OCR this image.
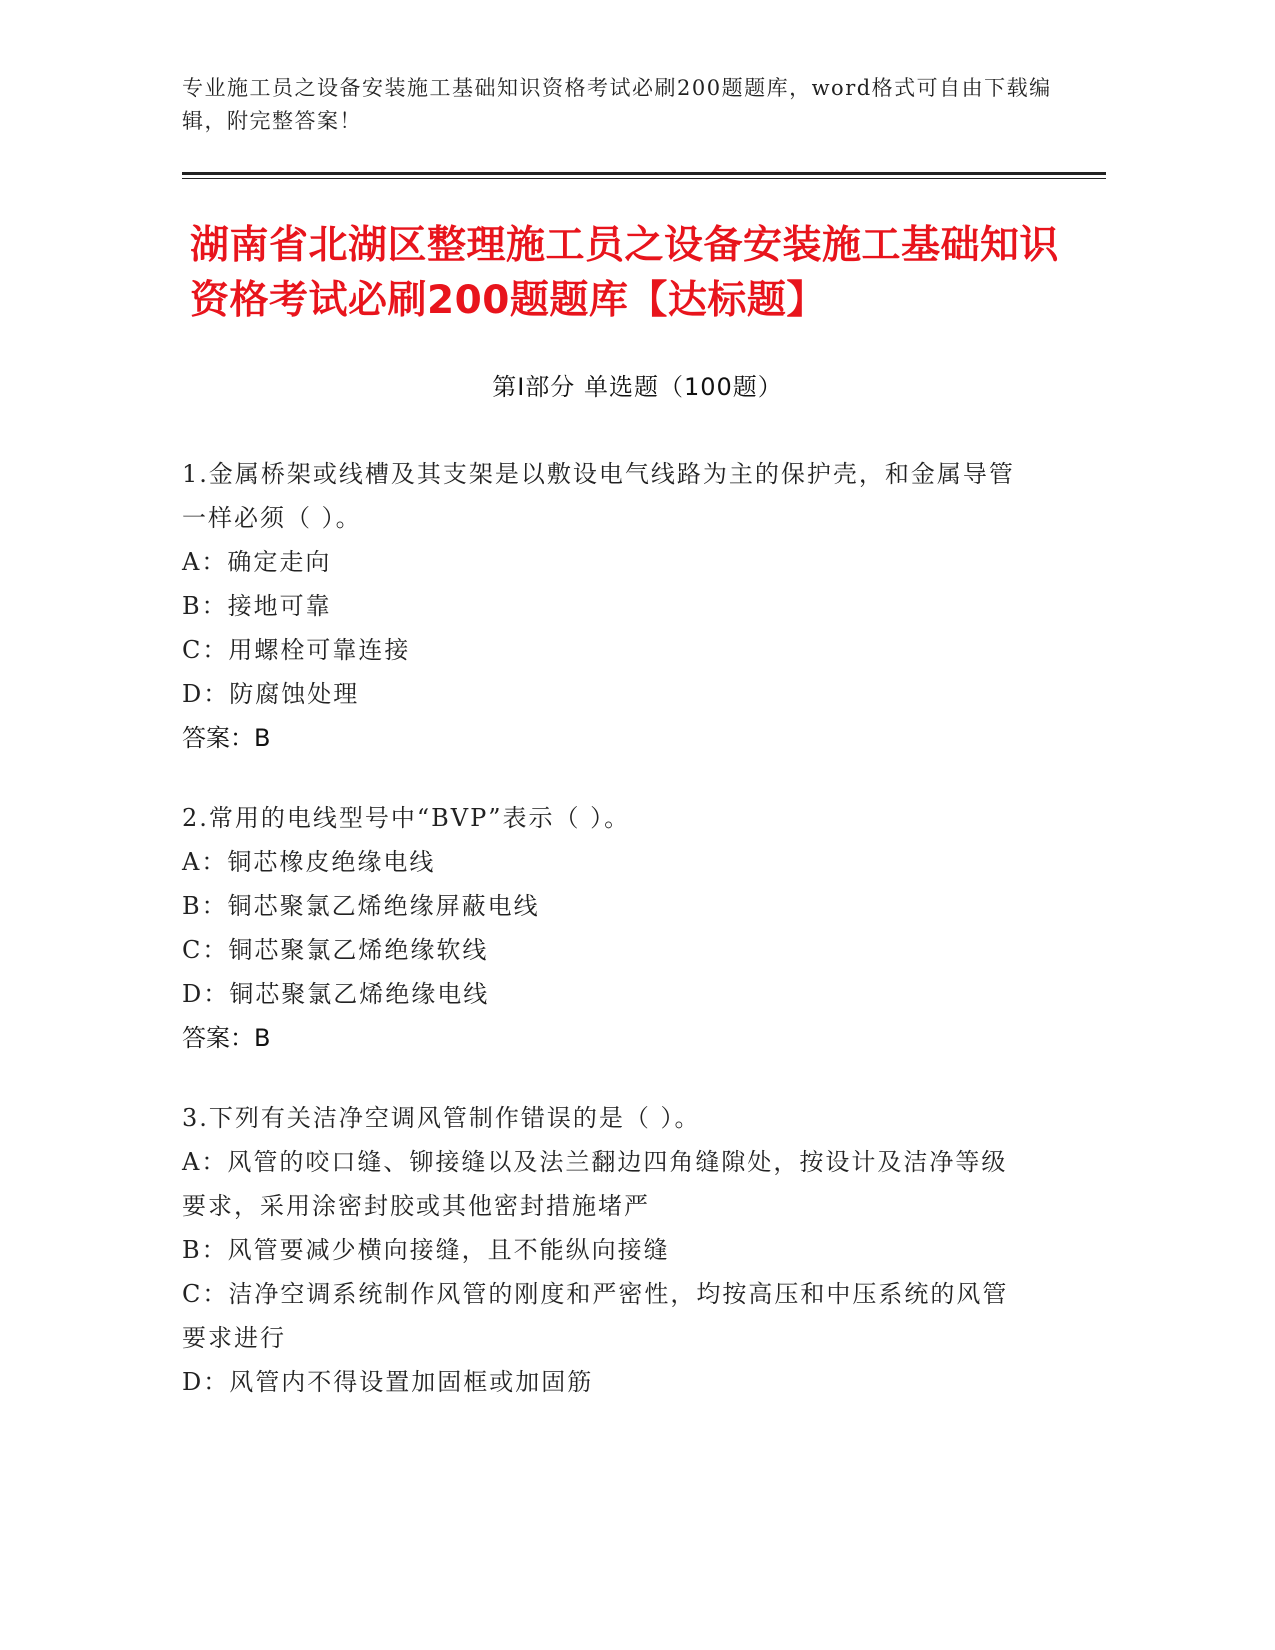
专业施工员之设备安装施工基础知识资格考试必刷200题题库，word格式可自由下载编辑，附完整答案！
湖南省北湖区整理施工员之设备安装施工基础知识资格考试必刷200题题库【达标题】
第Ⅰ部分 单选题（100题）
1.金属桥架或线槽及其支架是以敷设电气线路为主的保护壳，和金属导管一样必须（ ）。
A：确定走向
B：接地可靠
C：用螺栓可靠连接
D：防腐蚀处理
答案：B
2.常用的电线型号中“BVP”表示（ ）。
A：铜芯橡皮绝缘电线
B：铜芯聚氯乙烯绝缘屏蔽电线
C：铜芯聚氯乙烯绝缘软线
D：铜芯聚氯乙烯绝缘电线
答案：B
3.下列有关洁净空调风管制作错误的是（ ）。
A：风管的咬口缝、铆接缝以及法兰翻边四角缝隙处，按设计及洁净等级要求，采用涂密封胶或其他密封措施堵严
B：风管要减少横向接缝，且不能纵向接缝
C：洁净空调系统制作风管的刚度和严密性，均按高压和中压系统的风管要求进行
D：风管内不得设置加固框或加固筋
